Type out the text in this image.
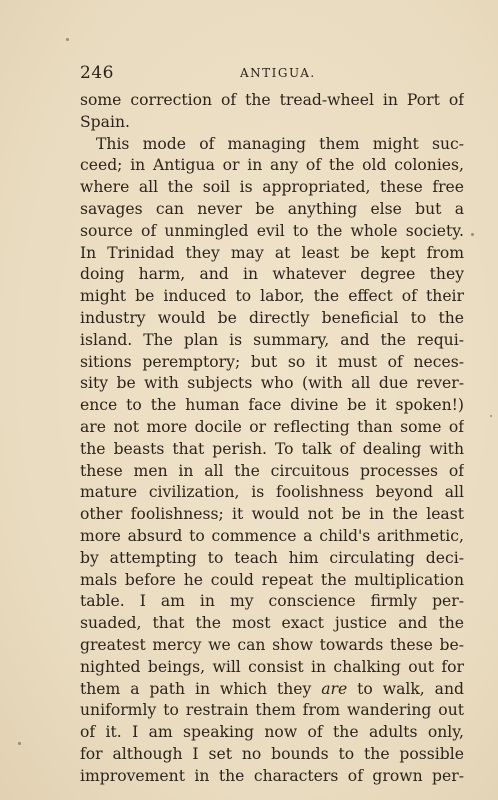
246	ANTIGUA.
some correction of the tread-wheel in Port of
Spain.
This mode of managing them might suc-
ceed; in Antigua or in any of the old colonies,
where all the soil is appropriated, these free
savages can never be anything else but a
source of unmingled evil to the whole society.
In Trinidad they may at least be kept from
doing harm, and in whatever degree they
might be induced to labor, the effect of their
industry would be directly beneficial to the
island. The plan is summary, and the requi-
sitions peremptory; but so it must of neces-
sity be with subjects who (with all due rever-
ence to the human face divine be it spoken!)
are not more docile or reflecting than some of
the beasts that perish. To talk of dealing with
these men in all the circuitous processes of
mature civilization, is foolishness beyond all
other foolishness; it would not be in the least
more absurd to commence a child's arithmetic,
by attempting to teach him circulating deci-
mals before he could repeat the multiplication
table. I am in my conscience firmly per-
suaded, that the most exact justice and the
greatest mercy we can show towards these be-
nighted beings, will consist in chalking out for
them a path in which they are to walk, and
uniformly to restrain them from wandering out
of it. I am speaking now of the adults only,
for although I set no bounds to the possible
improvement in the characters of grown per-
